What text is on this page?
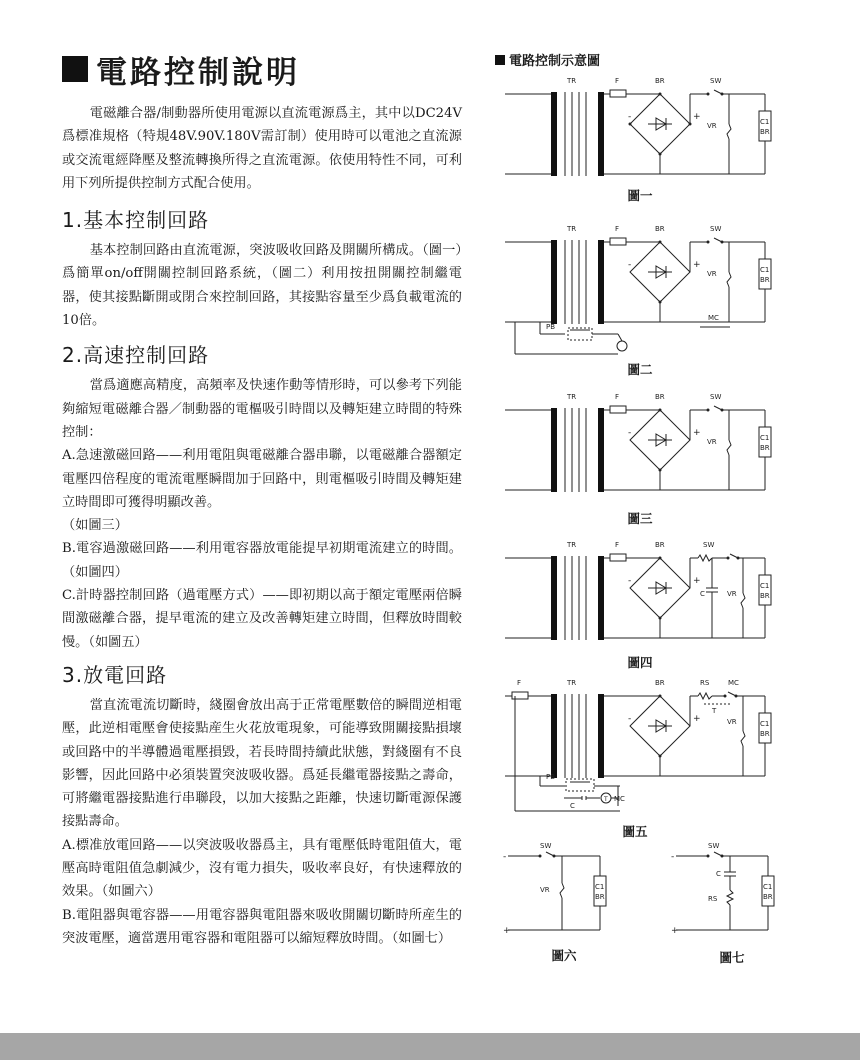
電路控制說明

電磁離合器/制動器所使用電源以直流電源爲主，其中以DC24V爲標准規格（特規48V.90V.180V需訂制）使用時可以電池之直流源或交流電經降壓及整流轉換所得之直流電源。依使用特性不同，可利用下列所提供控制方式配合使用。

1.基本控制回路

基本控制回路由直流電源，突波吸收回路及開關所構成。（圖一）爲簡單on/off開關控制回路系統，（圖二）利用按扭開關控制繼電器，使其接點斷開或閉合來控制回路，其接點容量至少爲負載電流的10倍。

2.高速控制回路

當爲適應高精度，高頻率及快速作動等情形時，可以參考下列能夠縮短電磁離合器／制動器的電樞吸引時間以及轉矩建立時間的特殊控制：

A.急速激磁回路——利用電阻與電磁離合器串聯，以電磁離合器額定電壓四倍程度的電流電壓瞬間加于回路中，則電樞吸引時間及轉矩建立時間即可獲得明顯改善。

（如圖三）

B.電容過激磁回路——利用電容器放電能提早初期電流建立的時間。（如圖四）

C.計時器控制回路（過電壓方式）——即初期以高于額定電壓兩倍瞬間激磁離合器，提早電流的建立及改善轉矩建立時間，但釋放時間較慢。（如圖五）

3.放電回路

當直流電流切斷時，綫圈會放出高于正常電壓數倍的瞬間逆相電壓，此逆相電壓會使接點産生火花放電現象，可能導致開關接點損壞或回路中的半導體過電壓損毀，若長時間持續此狀態，對綫圈有不良影響，因此回路中必須裝置突波吸收器。爲延長繼電器接點之壽命，可將繼電器接點進行串聯段，以加大接點之距離，快速切斷電源保護接點壽命。

A.標准放電回路——以突波吸收器爲主，具有電壓低時電阻值大，電壓高時電阻值急劇減少，沒有電力損失，吸收率良好，有快速釋放的效果。（如圖六）

B.電阻器與電容器——用電容器與電阻器來吸收開關切斷時所産生的突波電壓，適當選用電容器和電阻器可以縮短釋放時間。（如圖七）

電路控制示意圖
TR	F	BR	SW
VR	C1
BR
+
-
圖一
TR	F	BR	SW
VR	C1
BR
MC
PB
+
-
圖二
TR	F	BR	SW
VR	C1
BR
+
-
圖三
TR	F	BR	SW
C	VR
C1
BR
+
-
圖四
F	TR	BR	RS	MC
T
VR	C1
BR
PB
C
T MC
+
-
圖五
-
+
SW
VR	C1
BR
圖六
-
+
SW
C
RS
C1
BR
圖七
